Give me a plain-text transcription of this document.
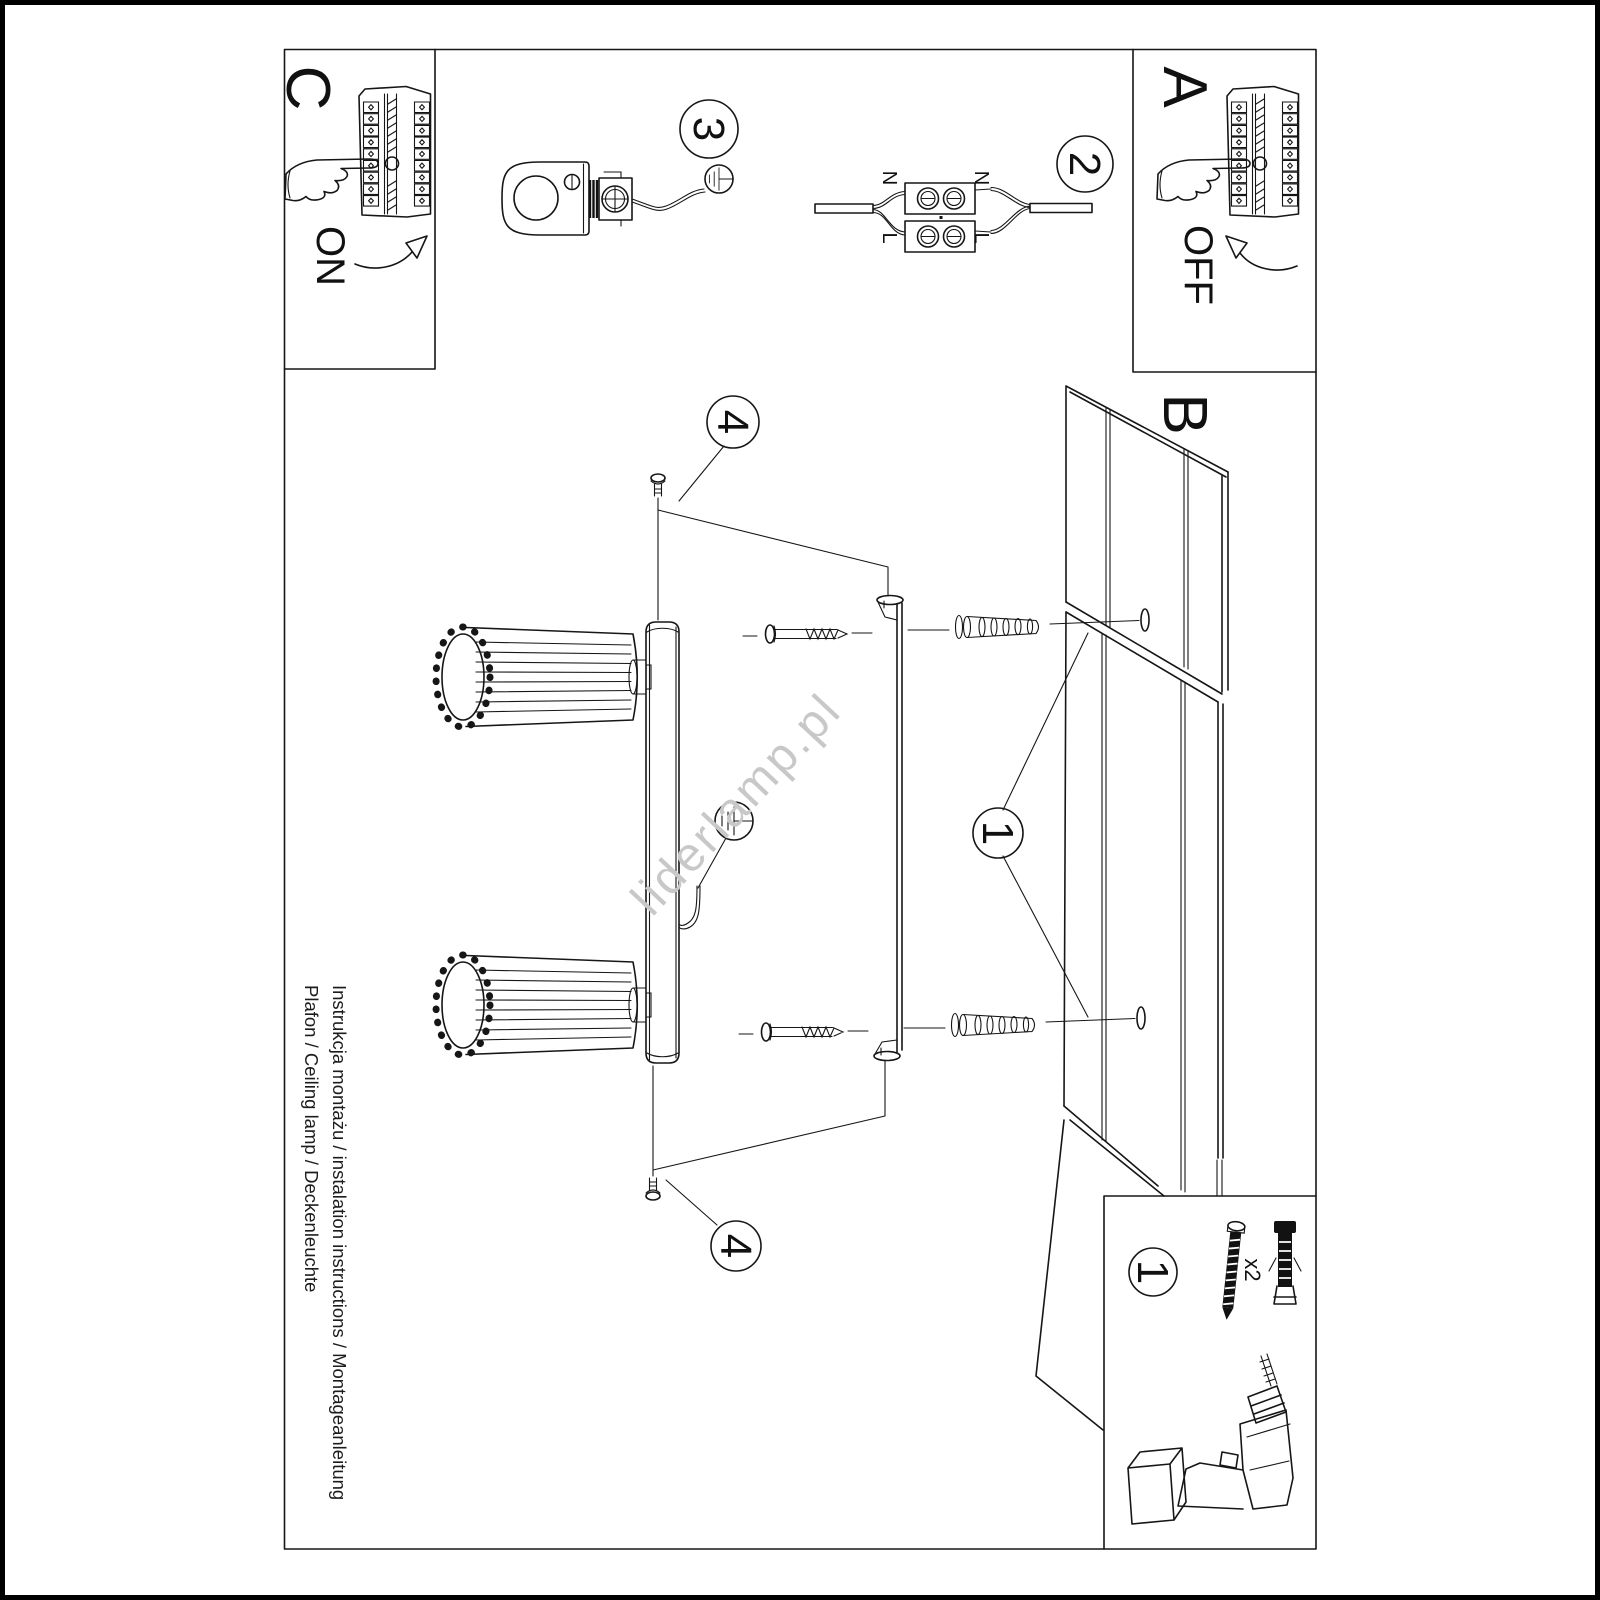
C
ON
A
OFF
3
2
N	N
L	L
B
4
4
1
1	x2
Instrukcja montażu / instalation instructions / Montageanleitung
Plafon / Ceiling lamp / Deckenleuchte
liderlamp.pl
